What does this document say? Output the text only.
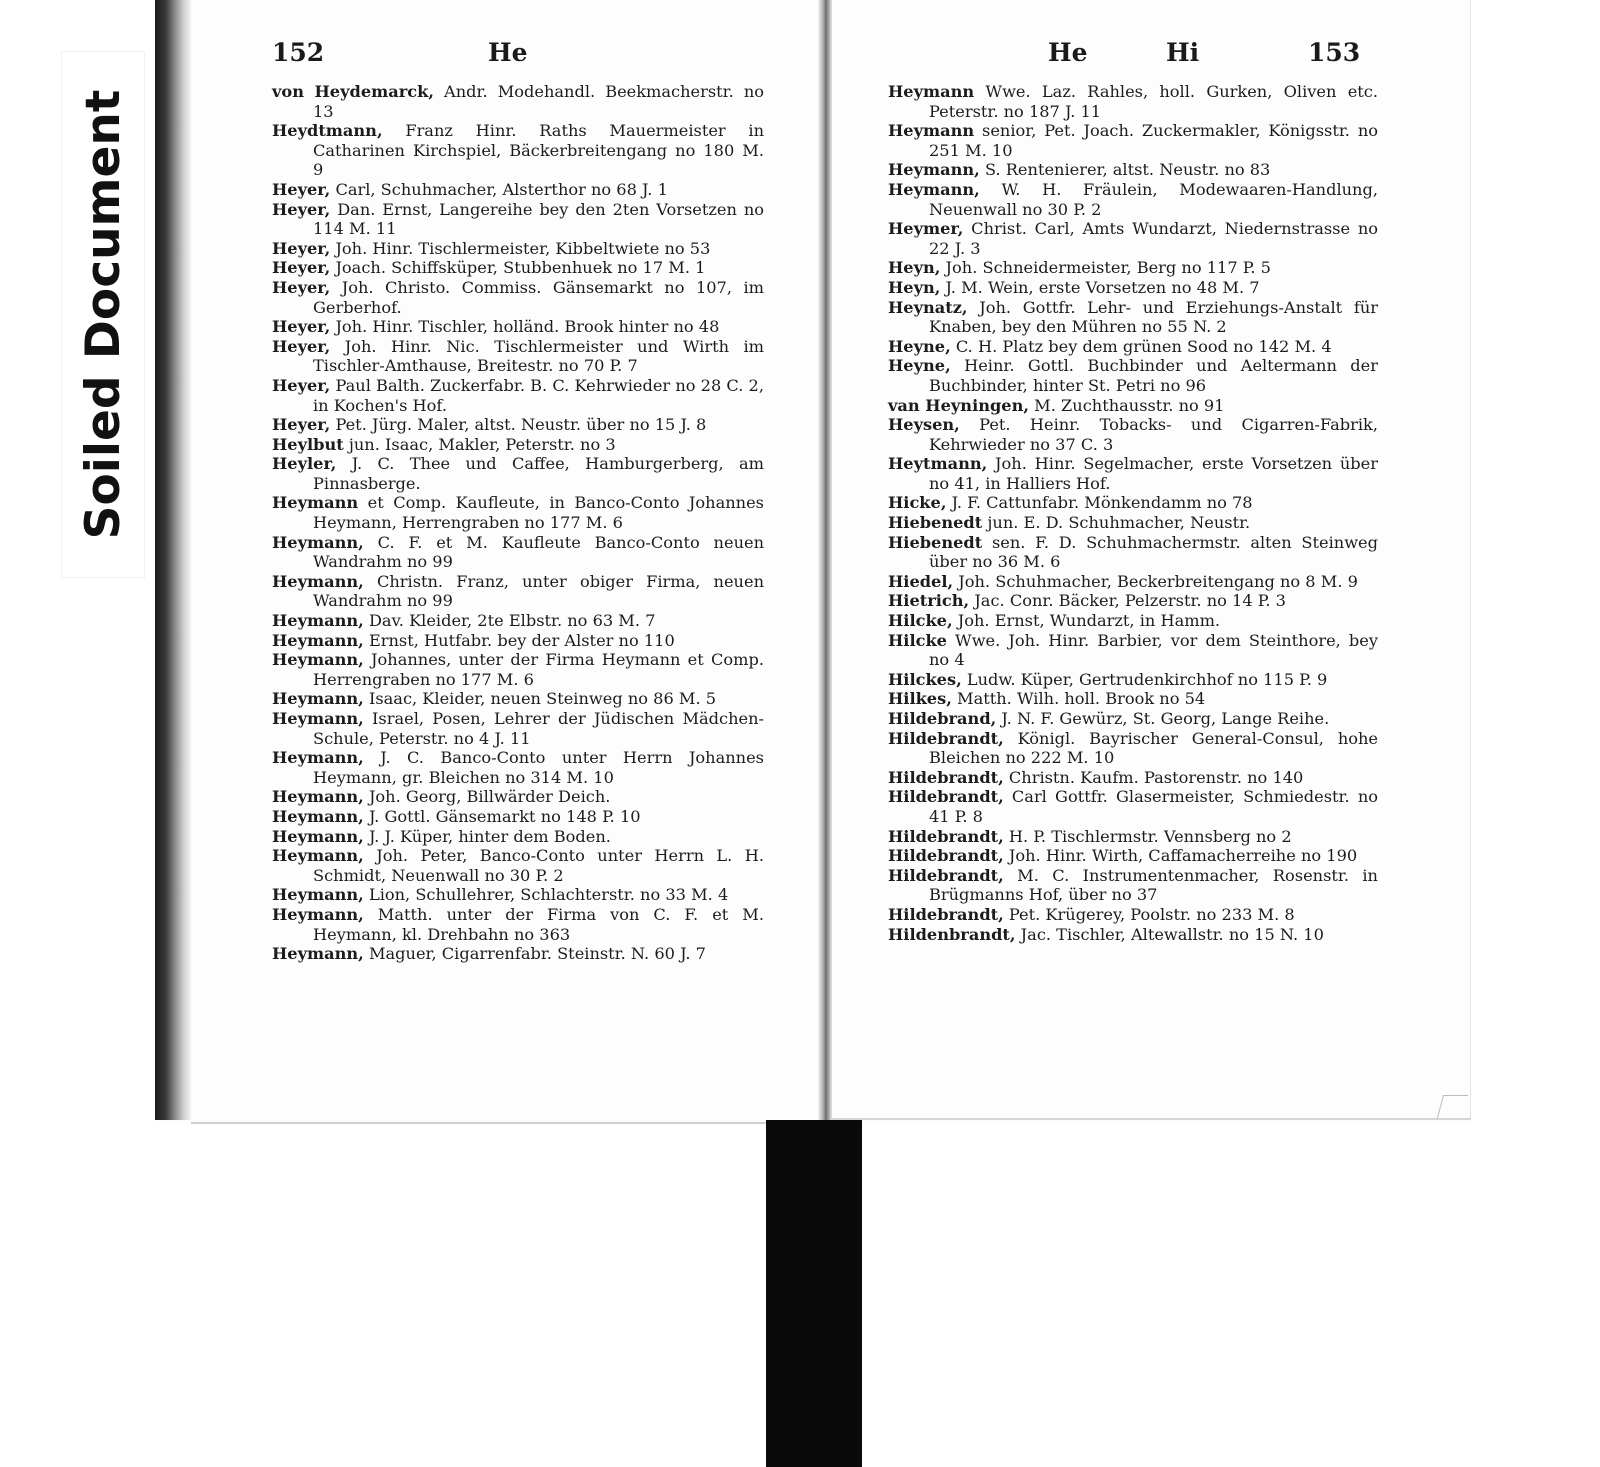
Soiled Document
152	He	He	Hi	153
von Heydemarck, Andr. Modehandl. Beekmacherstr. no 13
Heydtmann, Franz Hinr. Raths Mauermeister in Catharinen Kirchspiel, Bäckerbreitengang no 180 M. 9
Heyer, Carl, Schuhmacher, Alsterthor no 68 J. 1
Heyer, Dan. Ernst, Langereihe bey den 2ten Vorsetzen no 114 M. 11
Heyer, Joh. Hinr. Tischlermeister, Kibbeltwiete no 53
Heyer, Joach. Schiffsküper, Stubbenhuek no 17 M. 1
Heyer, Joh. Christo. Commiss. Gänsemarkt no 107, im Gerberhof.
Heyer, Joh. Hinr. Tischler, holländ. Brook hinter no 48
Heyer, Joh. Hinr. Nic. Tischlermeister und Wirth im Tischler-Amthause, Breitestr. no 70 P. 7
Heyer, Paul Balth. Zuckerfabr. B. C. Kehrwieder no 28 C. 2, in Kochen's Hof.
Heyer, Pet. Jürg. Maler, altst. Neustr. über no 15 J. 8
Heylbut jun. Isaac, Makler, Peterstr. no 3
Heyler, J. C. Thee und Caffee, Hamburgerberg, am Pinnasberge.
Heymann et Comp. Kaufleute, in Banco-Conto Johannes Heymann, Herrengraben no 177 M. 6
Heymann, C. F. et M. Kaufleute Banco-Conto neuen Wandrahm no 99
Heymann, Christn. Franz, unter obiger Firma, neuen Wandrahm no 99
Heymann, Dav. Kleider, 2te Elbstr. no 63 M. 7
Heymann, Ernst, Hutfabr. bey der Alster no 110
Heymann, Johannes, unter der Firma Heymann et Comp. Herrengraben no 177 M. 6
Heymann, Isaac, Kleider, neuen Steinweg no 86 M. 5
Heymann, Israel, Posen, Lehrer der Jüdischen Mädchen-Schule, Peterstr. no 4 J. 11
Heymann, J. C. Banco-Conto unter Herrn Johannes Heymann, gr. Bleichen no 314 M. 10
Heymann, Joh. Georg, Billwärder Deich.
Heymann, J. Gottl. Gänsemarkt no 148 P. 10
Heymann, J. J. Küper, hinter dem Boden.
Heymann, Joh. Peter, Banco-Conto unter Herrn L. H. Schmidt, Neuenwall no 30 P. 2
Heymann, Lion, Schullehrer, Schlachterstr. no 33 M. 4
Heymann, Matth. unter der Firma von C. F. et M. Heymann, kl. Drehbahn no 363
Heymann, Maguer, Cigarrenfabr. Steinstr. N. 60 J. 7
Heymann Wwe. Laz. Rahles, holl. Gurken, Oliven etc. Peterstr. no 187 J. 11
Heymann senior, Pet. Joach. Zuckermakler, Königsstr. no 251 M. 10
Heymann, S. Rentenierer, altst. Neustr. no 83
Heymann, W. H. Fräulein, Modewaaren-Handlung, Neuenwall no 30 P. 2
Heymer, Christ. Carl, Amts Wundarzt, Niedernstrasse no 22 J. 3
Heyn, Joh. Schneidermeister, Berg no 117 P. 5
Heyn, J. M. Wein, erste Vorsetzen no 48 M. 7
Heynatz, Joh. Gottfr. Lehr- und Erziehungs-Anstalt für Knaben, bey den Mühren no 55 N. 2
Heyne, C. H. Platz bey dem grünen Sood no 142 M. 4
Heyne, Heinr. Gottl. Buchbinder und Aeltermann der Buchbinder, hinter St. Petri no 96
van Heyningen, M. Zuchthausstr. no 91
Heysen, Pet. Heinr. Tobacks- und Cigarren-Fabrik, Kehrwieder no 37 C. 3
Heytmann, Joh. Hinr. Segelmacher, erste Vorsetzen über no 41, in Halliers Hof.
Hicke, J. F. Cattunfabr. Mönkendamm no 78
Hiebenedt jun. E. D. Schuhmacher, Neustr.
Hiebenedt sen. F. D. Schuhmachermstr. alten Steinweg über no 36 M. 6
Hiedel, Joh. Schuhmacher, Beckerbreitengang no 8 M. 9
Hietrich, Jac. Conr. Bäcker, Pelzerstr. no 14 P. 3
Hilcke, Joh. Ernst, Wundarzt, in Hamm.
Hilcke Wwe. Joh. Hinr. Barbier, vor dem Steinthore, bey no 4
Hilckes, Ludw. Küper, Gertrudenkirchhof no 115 P. 9
Hilkes, Matth. Wilh. holl. Brook no 54
Hildebrand, J. N. F. Gewürz, St. Georg, Lange Reihe.
Hildebrandt, Königl. Bayrischer General-Consul, hohe Bleichen no 222 M. 10
Hildebrandt, Christn. Kaufm. Pastorenstr. no 140
Hildebrandt, Carl Gottfr. Glasermeister, Schmiedestr. no 41 P. 8
Hildebrandt, H. P. Tischlermstr. Vennsberg no 2
Hildebrandt, Joh. Hinr. Wirth, Caffamacherreihe no 190
Hildebrandt, M. C. Instrumentenmacher, Rosenstr. in Brügmanns Hof, über no 37
Hildebrandt, Pet. Krügerey, Poolstr. no 233 M. 8
Hildenbrandt, Jac. Tischler, Altewallstr. no 15 N. 10
